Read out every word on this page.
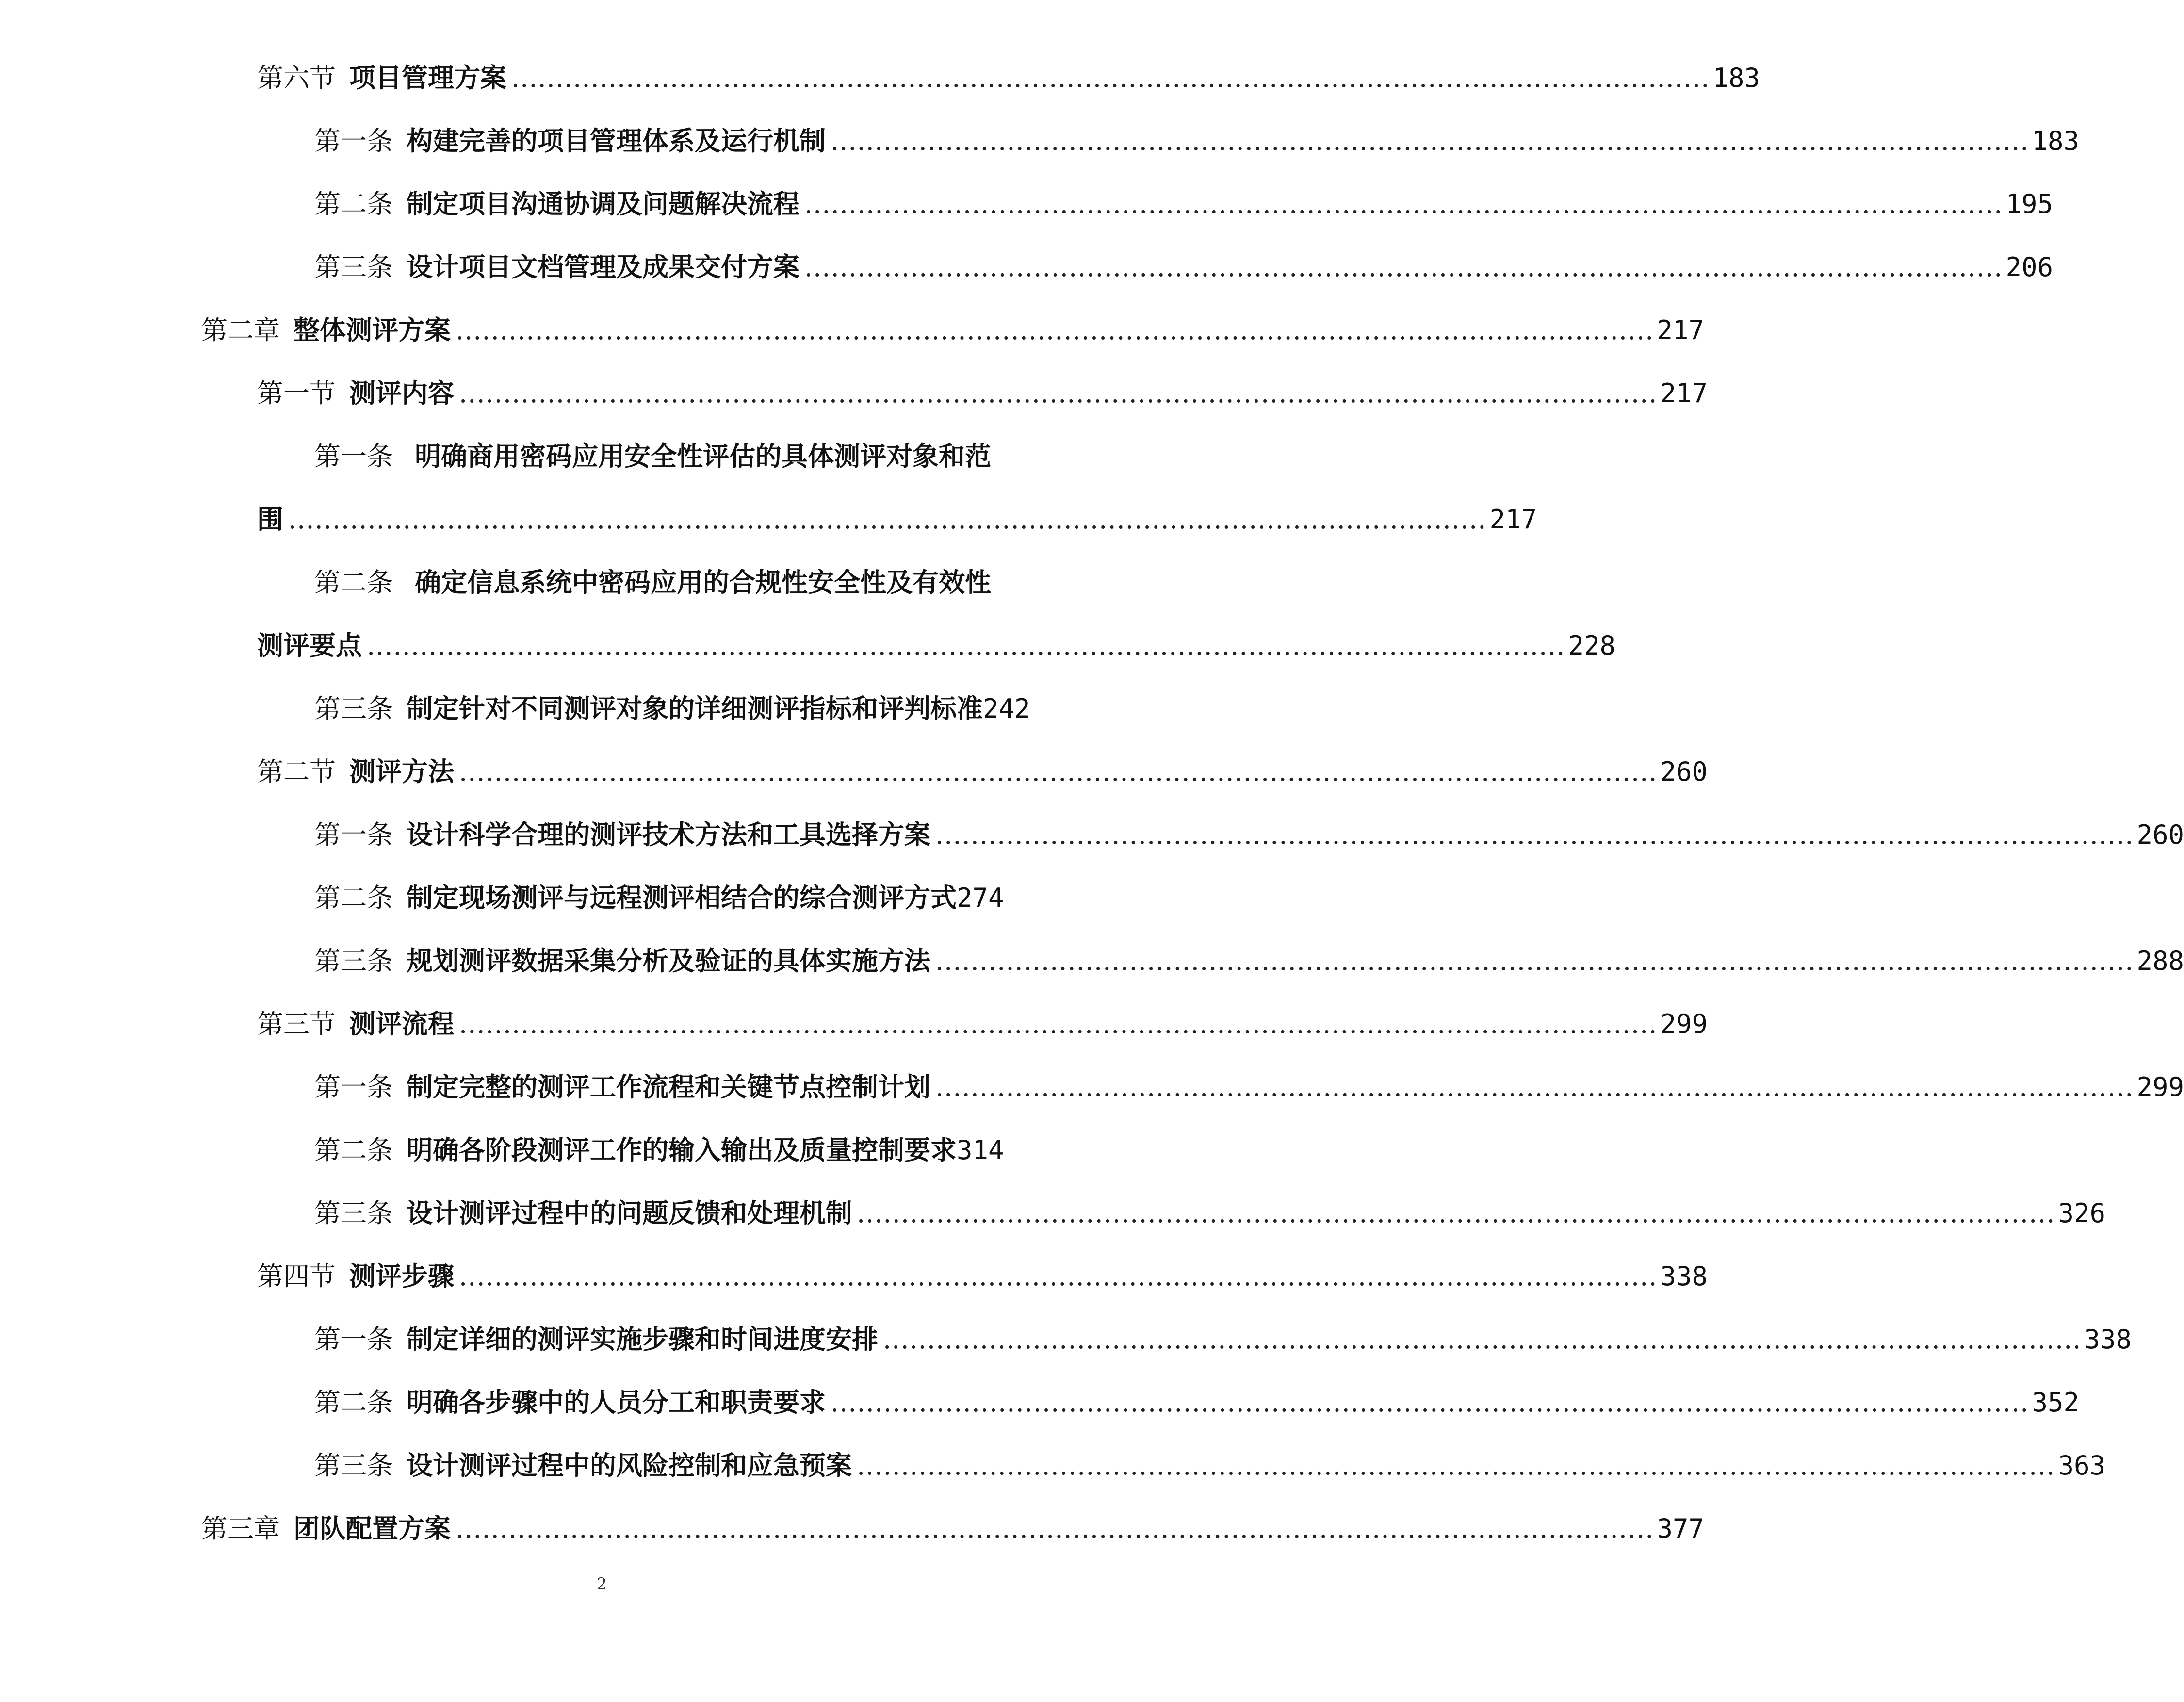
第六节 项目管理方案 ........................................................................................................................................ 183
第一条 构建完善的项目管理体系及运行机制 ........................................................................................................................................ 183
第二条 制定项目沟通协调及问题解决流程 ........................................................................................................................................ 195
第三条 设计项目文档管理及成果交付方案 ........................................................................................................................................ 206
第二章 整体测评方案 ........................................................................................................................................ 217
第一节 测评内容 ........................................................................................................................................ 217
第一条 明确商用密码应用安全性评估的具体测评对象和范
围 ........................................................................................................................................ 217
第二条 确定信息系统中密码应用的合规性安全性及有效性
测评要点 ........................................................................................................................................ 228
第三条 制定针对不同测评对象的详细测评指标和评判标准 242
第二节 测评方法 ........................................................................................................................................ 260
第一条 设计科学合理的测评技术方法和工具选择方案 ........................................................................................................................................ 260
第二条 制定现场测评与远程测评相结合的综合测评方式 274
第三条 规划测评数据采集分析及验证的具体实施方法 ........................................................................................................................................ 288
第三节 测评流程 ........................................................................................................................................ 299
第一条 制定完整的测评工作流程和关键节点控制计划 ........................................................................................................................................ 299
第二条 明确各阶段测评工作的输入输出及质量控制要求 314
第三条 设计测评过程中的问题反馈和处理机制 ........................................................................................................................................ 326
第四节 测评步骤 ........................................................................................................................................ 338
第一条 制定详细的测评实施步骤和时间进度安排 ........................................................................................................................................ 338
第二条 明确各步骤中的人员分工和职责要求 ........................................................................................................................................ 352
第三条 设计测评过程中的风险控制和应急预案 ........................................................................................................................................ 363
第三章 团队配置方案 ........................................................................................................................................ 377
2
